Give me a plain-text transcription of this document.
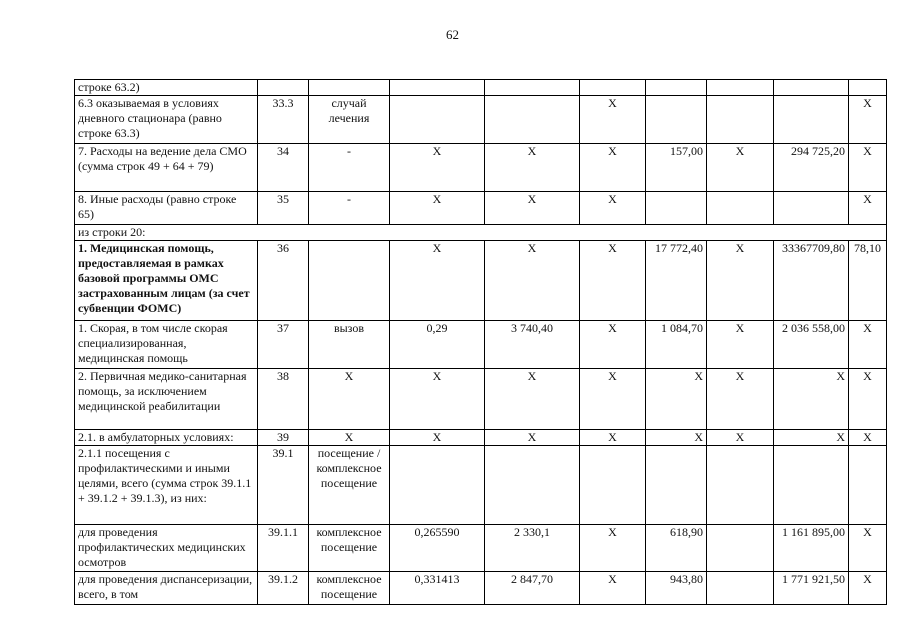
62
строке 63.2)									
6.3 оказываемая в условиях дневного стационара (равно строке 63.3)	33.3	случай лечения			Х				Х
7. Расходы на ведение дела СМО (сумма строк 49 + 64 + 79)	34	-	Х	Х	Х	157,00	Х	294 725,20	Х
8. Иные расходы (равно строке 65)	35	-	Х	Х	Х				Х
из строки 20:									
1. Медицинская помощь, предоставляемая в рамках базовой программы ОМС застрахованным лицам (за счет субвенции ФОМС)	36		Х	Х	Х	17 772,40	Х	33367709,80	78,10
1. Скорая, в том числе скорая специализированная, медицинская помощь	37	вызов	0,29	3 740,40	Х	1 084,70	Х	2 036 558,00	Х
2. Первичная медико-санитарная помощь, за исключением медицинской реабилитации	38	Х	Х	Х	Х	Х	Х	Х	Х
2.1. в амбулаторных условиях:	39	Х	Х	Х	Х	Х	Х	Х	Х
2.1.1 посещения с профилактическими и иными целями, всего (сумма строк 39.1.1 + 39.1.2 + 39.1.3), из них:	39.1	посещение / комплексное посещение							
для проведения профилактических медицинских осмотров	39.1.1	комплексное посещение	0,265590	2 330,1	Х	618,90		1 161 895,00	Х
для проведения диспансеризации, всего, в том	39.1.2	комплексное посещение	0,331413	2 847,70	Х	943,80		1 771 921,50	Х
